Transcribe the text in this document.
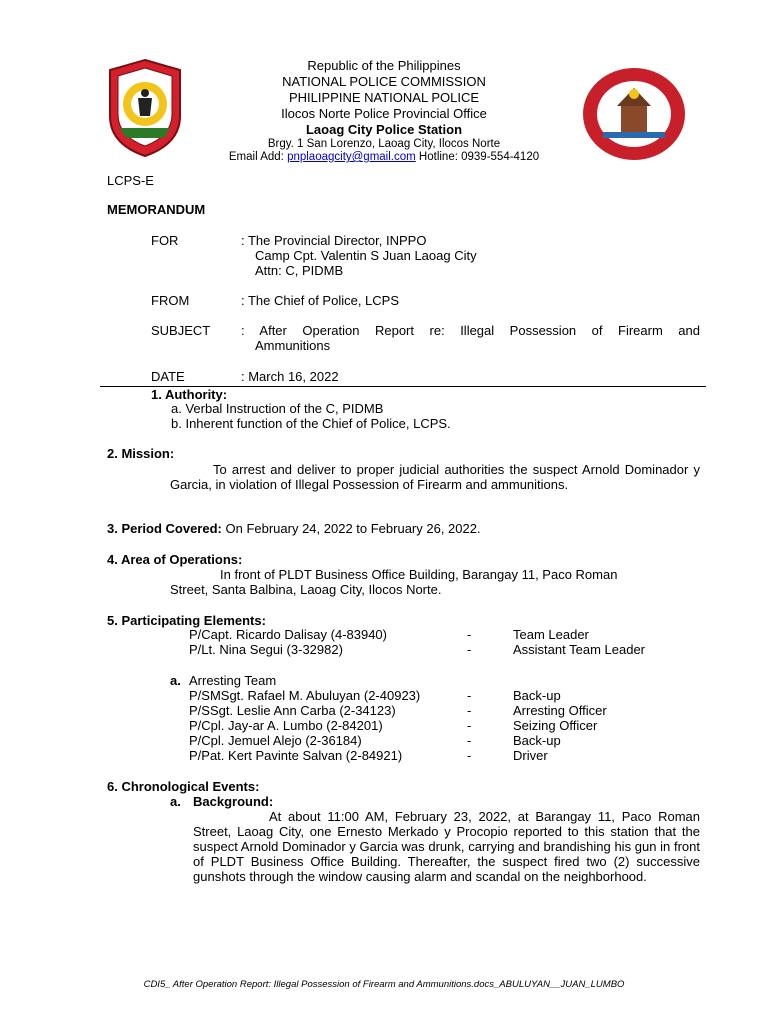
Republic of the Philippines
NATIONAL POLICE COMMISSION
PHILIPPINE NATIONAL POLICE
Ilocos Norte Police Provincial Office
Laoag City Police Station
Brgy. 1 San Lorenzo, Laoag City, Ilocos Norte
Email Add: pnplaoagcity@gmail.com Hotline: 0939-554-4120
LCPS-E
MEMORANDUM
FOR	: The Provincial Director, INPPO
Camp Cpt. Valentin S Juan Laoag City
Attn: C, PIDMB
FROM	: The Chief of Police, LCPS
SUBJECT : After Operation Report re: Illegal Possession of Firearm and
Ammunitions
DATE	: March 16, 2022
1. Authority:
a. Verbal Instruction of the C, PIDMB
b. Inherent function of the Chief of Police, LCPS.
2. Mission:
To arrest and deliver to proper judicial authorities the suspect Arnold Dominador y Garcia, in violation of Illegal Possession of Firearm and ammunitions.
3. Period Covered: On February 24, 2022 to February 26, 2022.
4. Area of Operations:
In front of PLDT Business Office Building, Barangay 11, Paco Roman
Street, Santa Balbina, Laoag City, Ilocos Norte.
5. Participating Elements:
P/Capt. Ricardo Dalisay (4-83940)	-	Team Leader
P/Lt. Nina Segui (3-32982)	-	Assistant Team Leader
a. Arresting Team
P/SMSgt. Rafael M. Abuluyan (2-40923)	-	Back-up
P/SSgt. Leslie Ann Carba (2-34123)	-	Arresting Officer
P/Cpl. Jay-ar A. Lumbo (2-84201)	-	Seizing Officer
P/Cpl. Jemuel Alejo (2-36184)	-	Back-up
P/Pat. Kert Pavinte Salvan (2-84921)	-	Driver
6. Chronological Events:
a. Background:
At about 11:00 AM, February 23, 2022, at Barangay 11, Paco Roman Street, Laoag City, one Ernesto Merkado y Procopio reported to this station that the suspect Arnold Dominador y Garcia was drunk, carrying and brandishing his gun in front of PLDT Business Office Building. Thereafter, the suspect fired two (2) successive gunshots through the window causing alarm and scandal on the neighborhood.
CDI5_ After Operation Report: Illegal Possession of Firearm and Ammunitions.docs_ABULUYAN__JUAN_LUMBO
